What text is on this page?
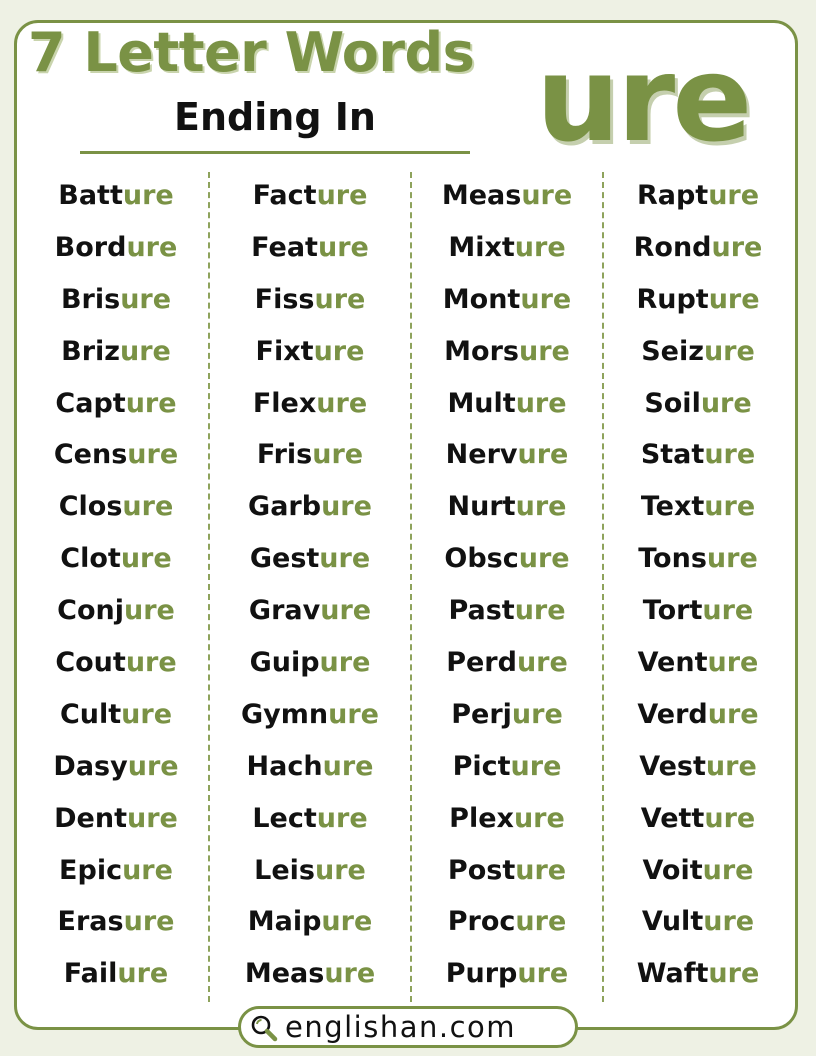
7 Letter Words
Ending In	ure
Batture
Bordure
Brisure
Brizure
Capture
Censure
Closure
Cloture
Conjure
Couture
Culture
Dasyure
Denture
Epicure
Erasure
Failure
Facture
Feature
Fissure
Fixture
Flexure
Frisure
Garbure
Gesture
Gravure
Guipure
Gymnure
Hachure
Lecture
Leisure
Maipure
Measure
Measure
Mixture
Monture
Morsure
Multure
Nervure
Nurture
Obscure
Pasture
Perdure
Perjure
Picture
Plexure
Posture
Procure
Purpure
Rapture
Rondure
Rupture
Seizure
Soilure
Stature
Texture
Tonsure
Torture
Venture
Verdure
Vesture
Vetture
Voiture
Vulture
Wafture
englishan.com
